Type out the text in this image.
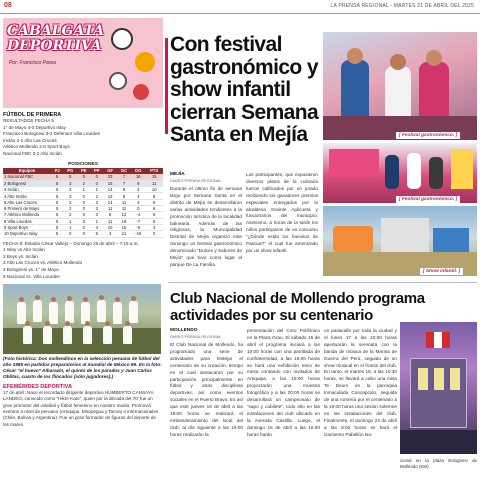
08	LA PRENSA REGIONAL - MARTES 21 DE ABRIL DEL 2025
CABALGATA DEPORTIVA
Por: Francisco Parea
FÚTBOL DE PRIMERA
RESULTADOS FECHA 5
1° de Mayo 4-0 Deportivo Islay
Francisco Bolognesi 3-3 Defensor Villa Lourdes
Inclán 4-1 Alto Las Cruces
Atlético Mollendo 2-0 Sport Boys
Nacional FBC 3-2 Alto Inclán
POSICIONES
Equipos	PJ	PG	PE	PP	GF	GC	DG	PTS
1 Nacional FBC	5	5	0	0	23	7	16	15
2 Bolognesi	5	3	2	0	15	7	8	11
3 Inclán	5	3	1	1	14	9	4	10
4 Alto Inclán	5	3	0	2	12	8	4	9
5 Alto Las Cruces	5	2	0	3	14	11	3	6
6 Primero de Mayo	5	2	0	3	11	11	0	6
7 Atlético Mollendo	5	2	0	3	8	12	-4	6
8 Villa Lourdes	5	1	3	1	11	18	-7	6
9 Sport Boys	5	1	0	4	10	15	-5	3
10 Deportivo Islay	5	0	0	5	3	21	-18	0
FECHA 6: Estadio César Vallejo – Domingo 26 de abril – 7:15 a.m.
1 Islay vs Alto Inclán
2 Boys vs. Inclán
3 Alto Las Cruces vs. Atlético Mollendo
4 Bolognesi vs. 1° de Mayo
5 Nacional vs. Villa Lourdes
(Foto histórica: Dos mollendinos en la selección peruana de fútbol del año 1985 en partidos preparatorios al mundial de México 86. En la foto: César “el huevo” Albarazín, el quinto de los parados y Juan Carlos Oblitas, cuarto de los flincados (sólo jugadores).)
EFEMÉRIDES DEPORTIVA
17 de abril: Nace el recordado dirigente deportivo HUMBERTO CANSAYA LANDEO, conocido como “Hikre Kato”, quien por la década del 70’ fue un gran promotor del voleibol y fútbol femenino en nuestro medio. Promovió eventos a nivel de peruano (Arequipa, Moquegua y Tacna) e internacionales (Chile, Bolivia y Argentina). Fue un gran formador de figuras del deporte de los mares.
Con festival gastronómico y show infantil cierran Semana Santa en Mejía
MEJÍA
DIARIO PRENSA REGIONAL
Durante el último fin de semana largo por Semana Santa en el distrito de Mejía se desarrollaron varias actividades tendientes a la promoción turística de la localidad balnearia. Además de las religiosas, la Municipalidad Distrital de Mejía organizó este domingo un festival gastronómico denominado “Dulces y Sabores de Mejía” que tuvo como lugar el parque De La Familia.
Los participantes, que expusieron diversos platos de la culinaria fueron calificados por un jurado recibiendo los ganadores premios especiales entregados por la alcaldesa Sovinte Apilcueta y funcionarios del municipio. Asimismo, a horas de la tarde los niños participaron de un concurso “¿Dónde están los huevitos de Pascua?” el cual fue amenizado por un show infantil.
[ Festival gastronómico. ]
[ Festival gastronómico. ]
[ Show infantil. ]
Club Nacional de Mollendo programa actividades por su centenario
MOLLENDO
DIARIO PRENSA REGIONAL
El Club Nacional de Mollendo, ha programado una serie de actividades para festejar el centenario de su creación, tiempo en el cual destacaron por su participación principalmente en fútbol y otras disciplinas deportivas, así como eventos sociales en el Puerto Bravo. Es así que este jueves 19 de abril a las 18:00 horas se realizará el embanderamiento del local del club, al día siguiente a las 19:00 horas realizarán la
presentación del Coro Polifónico en la Plaza Grau. El sábado 15 de abril el programa iniciará a las 10:00 horas con una parrillada de confraternidad, a las 15:00 horas se hará una exhibición tenis de mesa contando con invitados de Arequipa, a las 19:00 horas proyectarán una muestra fotográfica y a las 20:00 horas se desarrollará un campeonato de “sapo y cubilete”, todo ello en las instalaciones del club ubicado en la Avenida Castilla. Luego, el domingo 16 de abril a las 16:00 horas harán
un pasacalle por toda la ciudad y el lunes 17 a las 10:00 horas apertuarán la serenata con la banda de música de la Marina de Guerra del Perú, seguido de un show musical en el frontis del club. En tanto, el martes 18, a las 10:30 horas, se llevará a cabo una misa Te Deum en la parroquia Inmaculada Concepción, seguida de una romería por el centenario a la 19:00 horas una sesión solemne en las instalaciones del club. Finalmente, el domingo 23 de abril a las 8:00 horas se hará el izamiento Pabellón Na-
cional en la plaza Bolognesi de Mollendo (KM)
